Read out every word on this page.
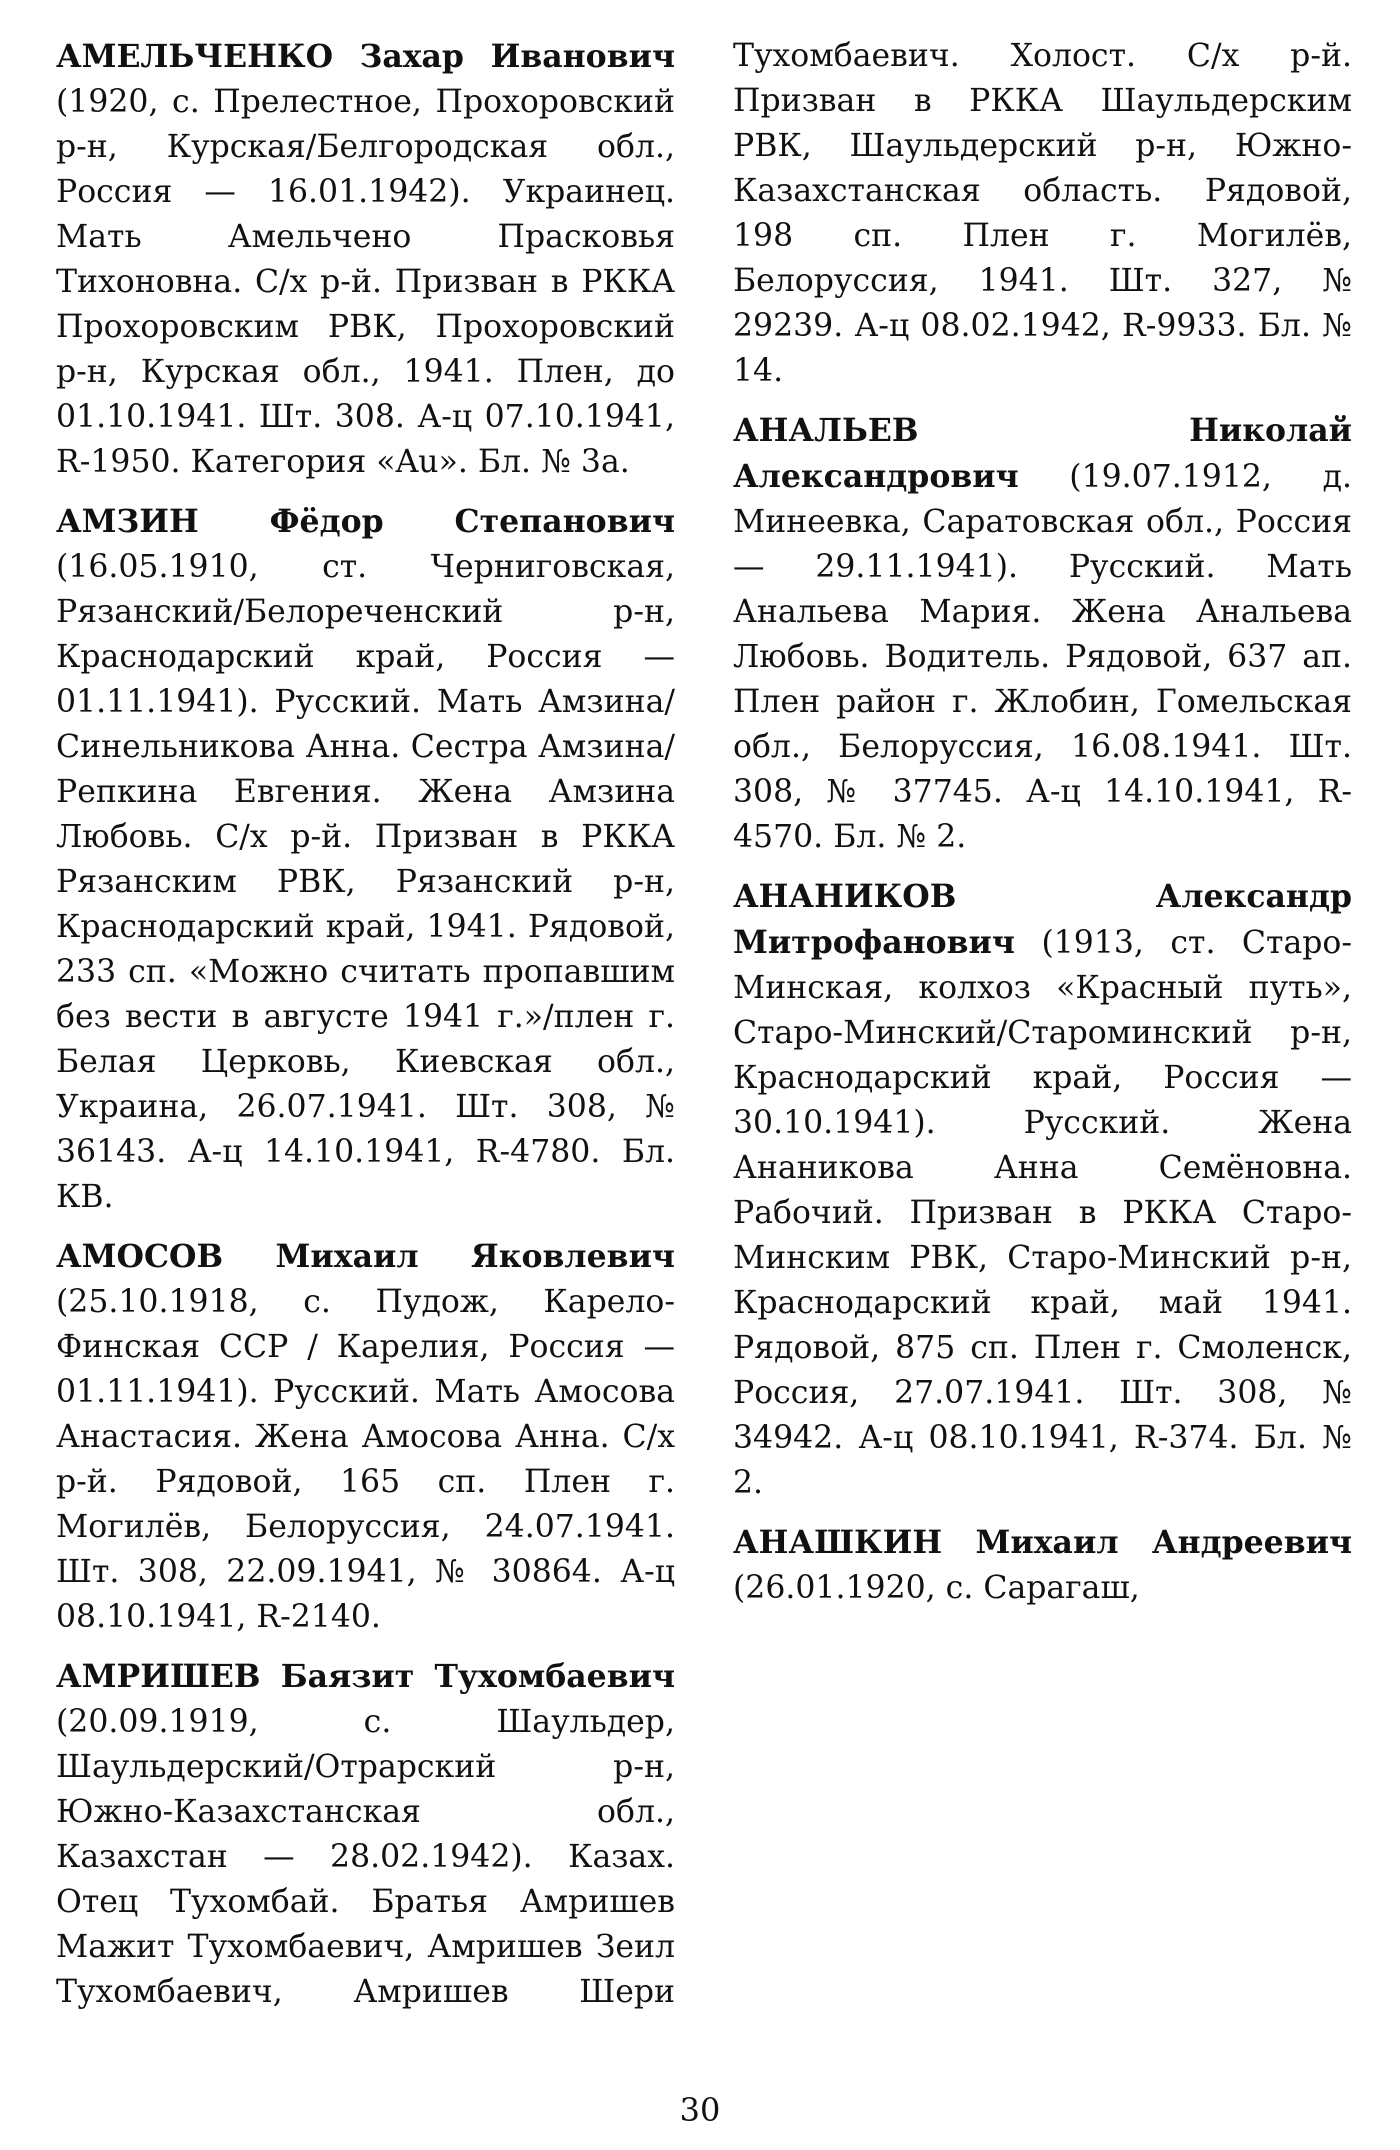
АМЕЛЬЧЕНКО Захар Иванович (1920, с. Прелестное, Прохоровский р-н, Курская/Белгородская обл., Россия — 16.01.1942). Украинец. Мать Амельчено Прасковья Тихоновна. С/х р-й. Призван в РККА Прохоровским РВК, Прохоровский р-н, Курская обл., 1941. Плен, до 01.10.1941. Шт. 308. А-ц 07.10.1941, R-1950. Категория «Au». Бл. № 3а.

АМЗИН Фёдор Степанович (16.05.1910, ст. Черниговская, Рязанский/Белореченский р-н, Краснодарский край, Россия — 01.11.1941). Русский. Мать Амзина/Синельникова Анна. Сестра Амзина/Репкина Евгения. Жена Амзина Любовь. С/х р-й. Призван в РККА Рязанским РВК, Рязанский р-н, Краснодарский край, 1941. Рядовой, 233 сп. «Можно считать пропавшим без вести в августе 1941 г.»/плен г. Белая Церковь, Киевская обл., Украина, 26.07.1941. Шт. 308, № 36143. А-ц 14.10.1941, R-4780. Бл. КВ.

АМОСОВ Михаил Яковлевич (25.10.1918, с. Пудож, Карело-Финская ССР / Карелия, Россия — 01.11.1941). Русский. Мать Амосова Анастасия. Жена Амосова Анна. С/х р-й. Рядовой, 165 сп. Плен г. Могилёв, Белоруссия, 24.07.1941. Шт. 308, 22.09.1941, № 30864. А-ц 08.10.1941, R-2140.

АМРИШЕВ Баязит Тухомбаевич (20.09.1919, с. Шаульдер, Шаульдерский/Отрарский р-н, Южно-Казахстанская обл., Казахстан — 28.02.1942). Казах. Отец Тухомбай. Братья Амришев Мажит Тухомбаевич, Амришев Зеил Тухомбаевич, Амришев Шери Тухомбаевич. Холост. С/х р-й. Призван в РККА Шаульдерским РВК, Шаульдерский р-н, Южно-Казахстанская область. Рядовой, 198 сп. Плен г. Могилёв, Белоруссия, 1941. Шт. 327, № 29239. А-ц 08.02.1942, R-9933. Бл. № 14.

АНАЛЬЕВ Николай Александрович (19.07.1912, д. Минеевка, Саратовская обл., Россия — 29.11.1941). Русский. Мать Анальева Мария. Жена Анальева Любовь. Водитель. Рядовой, 637 ап. Плен район г. Жлобин, Гомельская обл., Белоруссия, 16.08.1941. Шт. 308, № 37745. А-ц 14.10.1941, R-4570. Бл. № 2.

АНАНИКОВ Александр Митрофанович (1913, ст. Старо-Минская, колхоз «Красный путь», Старо-Минский/Староминский р-н, Краснодарский край, Россия — 30.10.1941). Русский. Жена Ананикова Анна Семёновна. Рабочий. Призван в РККА Старо-Минским РВК, Старо-Минский р-н, Краснодарский край, май 1941. Рядовой, 875 сп. Плен г. Смоленск, Россия, 27.07.1941. Шт. 308, № 34942. А-ц 08.10.1941, R-374. Бл. № 2.

АНАШКИН Михаил Андреевич (26.01.1920, с. Сарагаш,

30
